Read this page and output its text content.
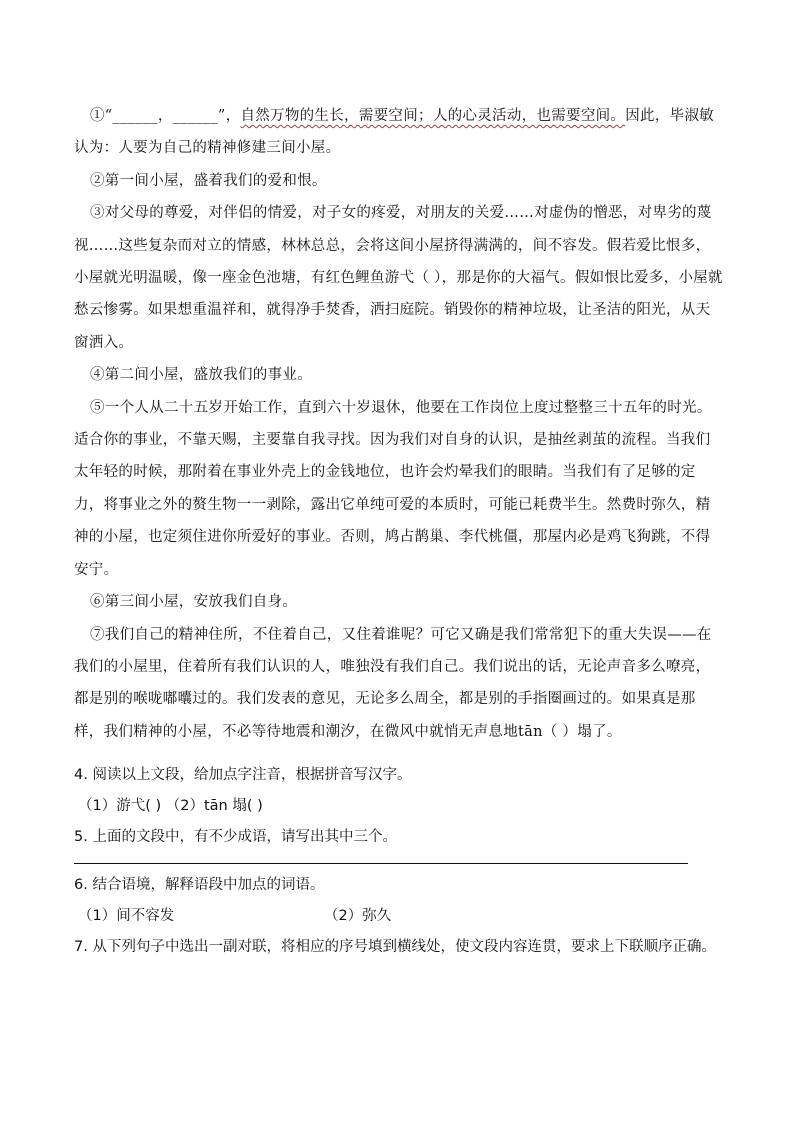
①“______，______”，自然万物的生长，需要空间；人的心灵活动，也需要空间。因此，毕淑敏认为：人要为自己的精神修建三间小屋。

②第一间小屋，盛着我们的爱和恨。

③对父母的尊爱，对伴侣的情爱，对子女的疼爱，对朋友的关爱……对虚伪的憎恶，对卑劣的蔑视……这些复杂而对立的情感，林林总总，会将这间小屋挤得满满的，间不容发。假若爱比恨多，小屋就光明温暖，像一座金色池塘，有红色鲤鱼游弋（ ），那是你的大福气。假如恨比爱多，小屋就愁云惨雾。如果想重温祥和，就得净手焚香，洒扫庭院。销毁你的精神垃圾，让圣洁的阳光，从天窗洒入。

④第二间小屋，盛放我们的事业。

⑤一个人从二十五岁开始工作，直到六十岁退休，他要在工作岗位上度过整整三十五年的时光。适合你的事业，不靠天赐，主要靠自我寻找。因为我们对自身的认识，是抽丝剥茧的流程。当我们太年轻的时候，那附着在事业外壳上的金钱地位，也许会灼晕我们的眼睛。当我们有了足够的定力，将事业之外的赘生物一一剥除，露出它单纯可爱的本质时，可能已耗费半生。然费时弥久，精神的小屋，也定须住进你所爱好的事业。否则，鸠占鹊巢、李代桃僵，那屋内必是鸡飞狗跳，不得安宁。

⑥第三间小屋，安放我们自身。

⑦我们自己的精神住所，不住着自己，又住着谁呢？可它又确是我们常常犯下的重大失误——在我们的小屋里，住着所有我们认识的人，唯独没有我们自己。我们说出的话，无论声音多么嘹亮，都是别的喉咙嘟囔过的。我们发表的意见，无论多么周全，都是别的手指圈画过的。如果真是那样，我们精神的小屋，不必等待地震和潮汐，在微风中就悄无声息地tān（ ）塌了。

4. 阅读以上文段，给加点字注音，根据拼音写汉字。

（1）游弋( ) （2）tān 塌( )

5. 上面的文段中，有不少成语，请写出其中三个。

6. 结合语境，解释语段中加点的词语。

（1）间不容发	（2）弥久

7. 从下列句子中选出一副对联，将相应的序号填到横线处，使文段内容连贯，要求上下联顺序正确。
